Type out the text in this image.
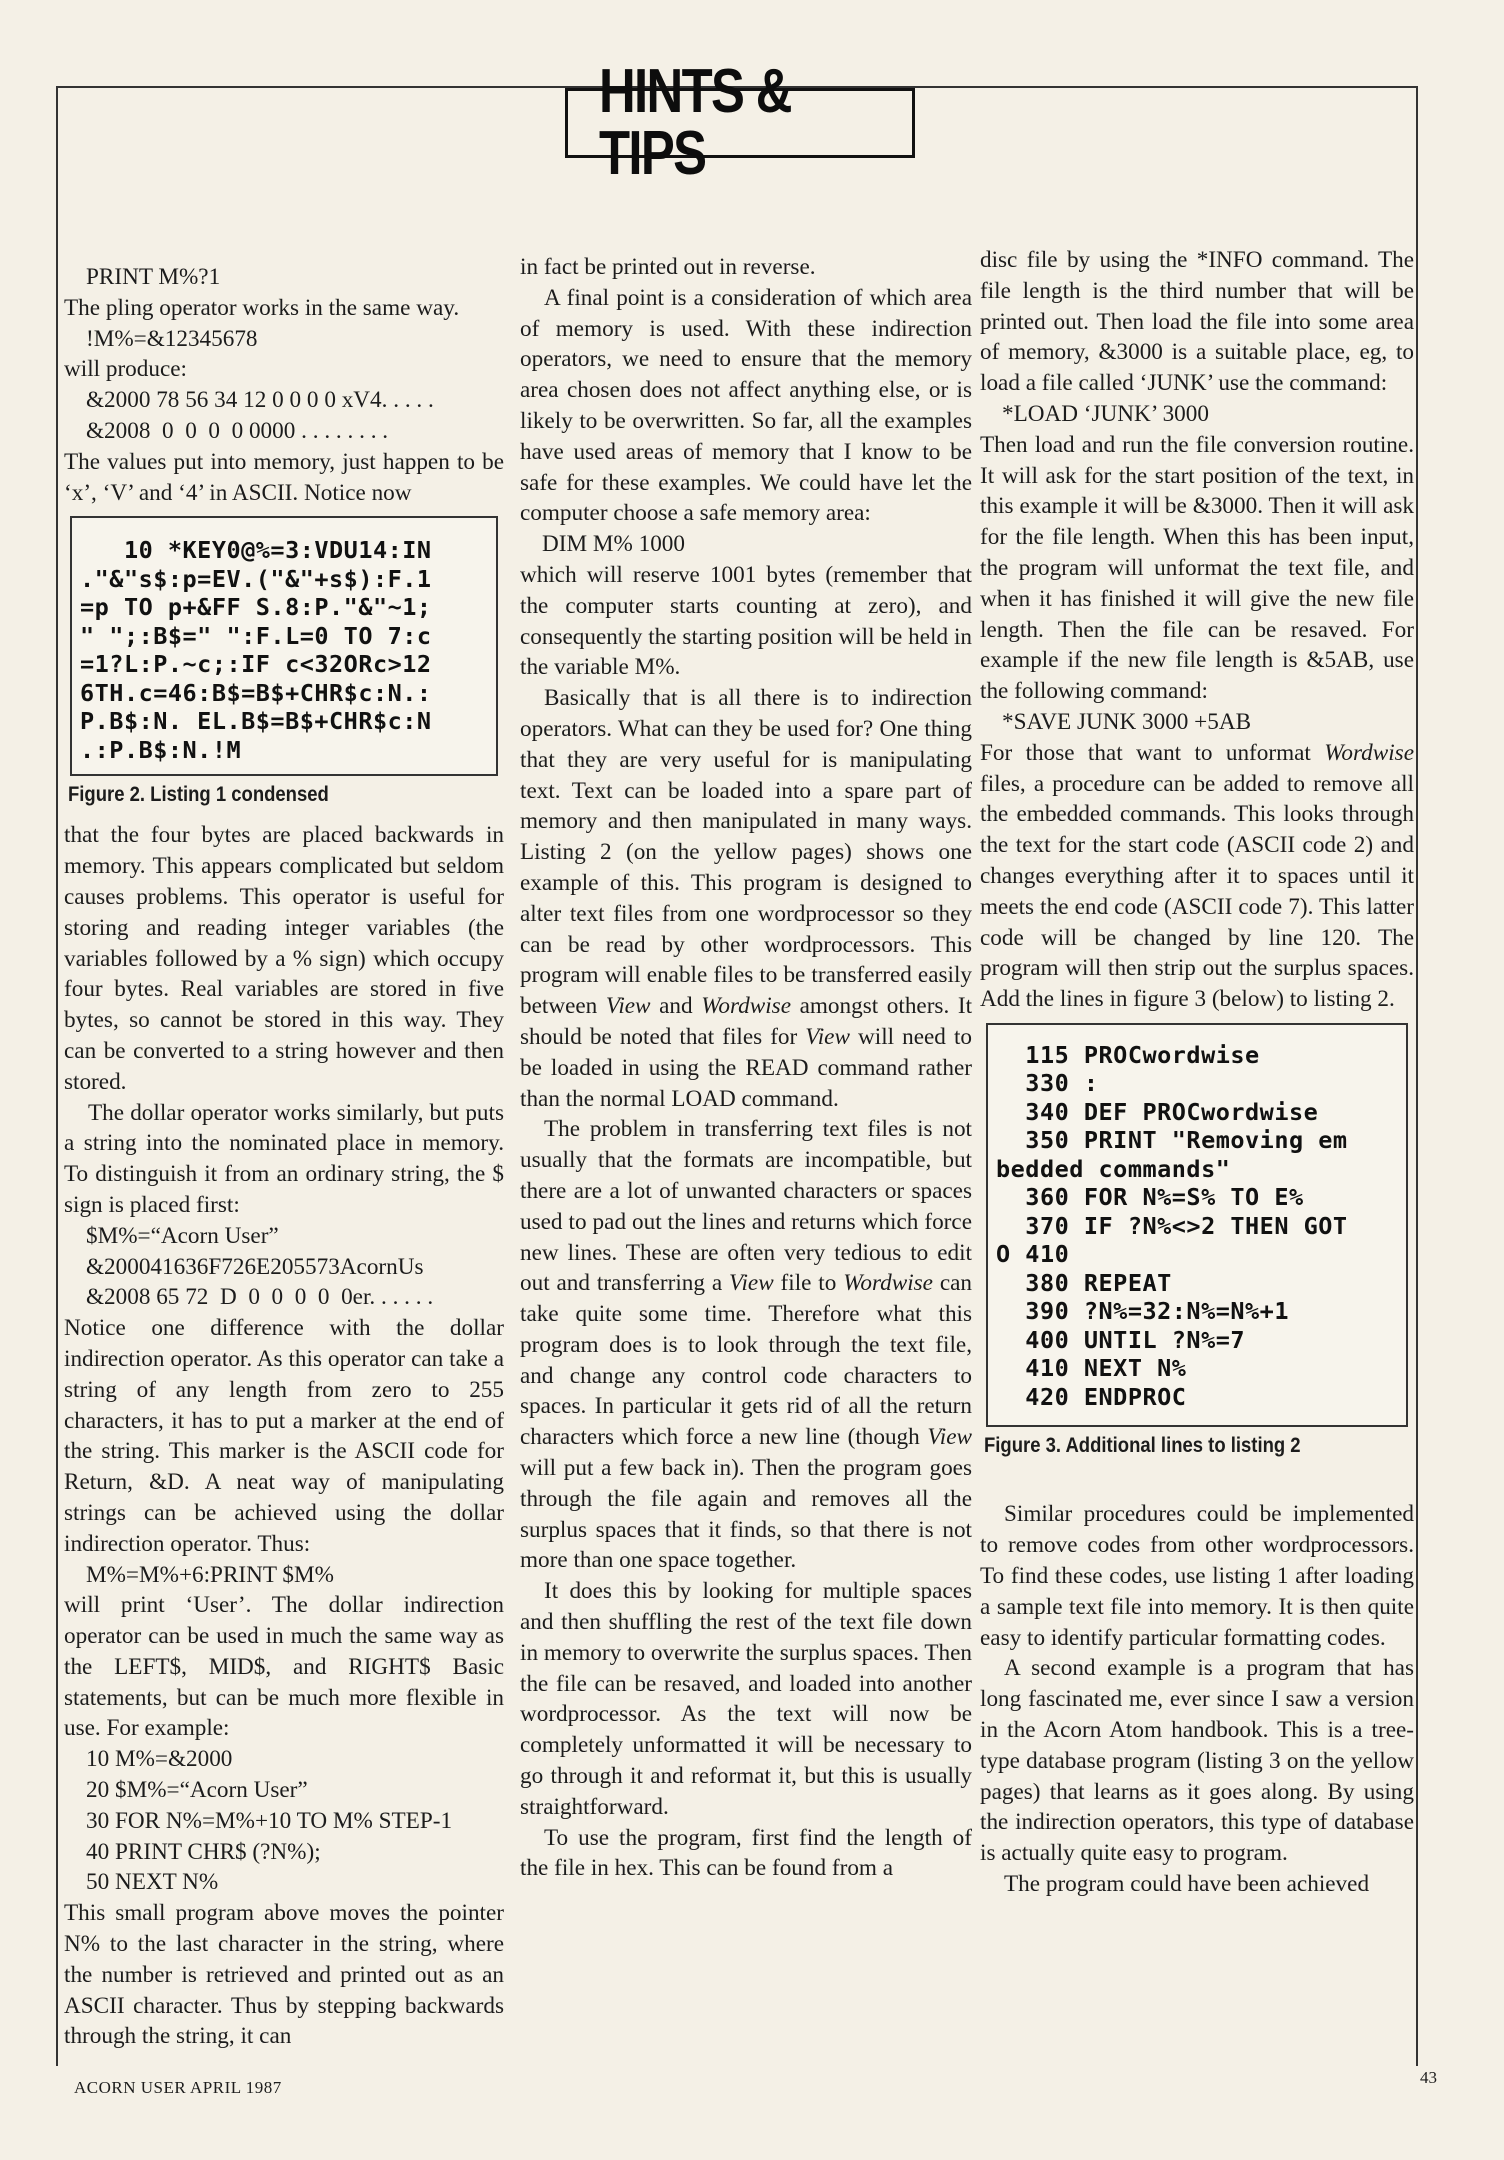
HINTS & TIPS

PRINT M%?1

The pling operator works in the same way.

!M%=&12345678

will produce:

&2000 78 56 34 12 0 0 0 0 xV4. . . . .

&2008  0  0  0  0 0000 . . . . . . . .

The values put into memory, just happen to be ‘x’, ‘V’ and ‘4’ in ASCII. Notice now

10 *KEY0@%=3:VDU14:IN
."&"s$:p=EV.("&"+s$):F.1
=p TO p+&FF S.8:P."&"~1;
" ";:B$=" ":F.L=0 TO 7:c
=1?L:P.~c;:IF c<32ORc>12
6TH.c=46:B$=B$+CHR$c:N.:
P.B$:N. EL.B$=B$+CHR$c:N
.:P.B$:N.!M
Figure 2. Listing 1 condensed

that the four bytes are placed backwards in memory. This appears complicated but seldom causes problems. This operator is useful for storing and reading integer variables (the variables followed by a % sign) which occupy four bytes. Real variables are stored in five bytes, so cannot be stored in this way. They can be converted to a string however and then stored.

The dollar operator works similarly, but puts a string into the nominated place in memory. To distinguish it from an ordinary string, the $ sign is placed first:

$M%=“Acorn User”

&200041636F726E205573AcornUs

&2008 65 72  D  0  0  0  0  0er. . . . . .

Notice one difference with the dollar indirection operator. As this operator can take a string of any length from zero to 255 characters, it has to put a marker at the end of the string. This marker is the ASCII code for Return, &D. A neat way of manipulating strings can be achieved using the dollar indirection operator. Thus:

M%=M%+6:PRINT $M%

will print ‘User’. The dollar indirection operator can be used in much the same way as the LEFT$, MID$, and RIGHT$ Basic statements, but can be much more flexible in use. For example:

10 M%=&2000

20 $M%=“Acorn User”

30 FOR N%=M%+10 TO M% STEP-1

40 PRINT CHR$ (?N%);

50 NEXT N%

This small program above moves the pointer N% to the last character in the string, where the number is retrieved and printed out as an ASCII character. Thus by stepping backwards through the string, it can

in fact be printed out in reverse.

A final point is a consideration of which area of memory is used. With these indirection operators, we need to ensure that the memory area chosen does not affect anything else, or is likely to be overwritten. So far, all the examples have used areas of memory that I know to be safe for these examples. We could have let the computer choose a safe memory area:

DIM M% 1000

which will reserve 1001 bytes (remember that the computer starts counting at zero), and consequently the starting position will be held in the variable M%.

Basically that is all there is to indirection operators. What can they be used for? One thing that they are very useful for is manipulating text. Text can be loaded into a spare part of memory and then manipulated in many ways. Listing 2 (on the yellow pages) shows one example of this. This program is designed to alter text files from one wordprocessor so they can be read by other wordprocessors. This program will enable files to be transferred easily between View and Wordwise amongst others. It should be noted that files for View will need to be loaded in using the READ command rather than the normal LOAD command.

The problem in transferring text files is not usually that the formats are incompatible, but there are a lot of unwanted characters or spaces used to pad out the lines and returns which force new lines. These are often very tedious to edit out and transferring a View file to Wordwise can take quite some time. Therefore what this program does is to look through the text file, and change any control code characters to spaces. In particular it gets rid of all the return characters which force a new line (though View will put a few back in). Then the program goes through the file again and removes all the surplus spaces that it finds, so that there is not more than one space together.

It does this by looking for multiple spaces and then shuffling the rest of the text file down in memory to overwrite the surplus spaces. Then the file can be resaved, and loaded into another wordprocessor. As the text will now be completely unformatted it will be necessary to go through it and reformat it, but this is usually straightforward.

To use the program, first find the length of the file in hex. This can be found from a

disc file by using the *INFO command. The file length is the third number that will be printed out. Then load the file into some area of memory, &3000 is a suitable place, eg, to load a file called ‘JUNK’ use the command:

*LOAD ‘JUNK’ 3000

Then load and run the file conversion routine. It will ask for the start position of the text, in this example it will be &3000. Then it will ask for the file length. When this has been input, the program will unformat the text file, and when it has finished it will give the new file length. Then the file can be resaved. For example if the new file length is &5AB, use the following command:

*SAVE JUNK 3000 +5AB

For those that want to unformat Wordwise files, a procedure can be added to remove all the embedded commands. This looks through the text for the start code (ASCII code 2) and changes everything after it to spaces until it meets the end code (ASCII code 7). This latter code will be changed by line 120. The program will then strip out the surplus spaces. Add the lines in figure 3 (below) to listing 2.

115 PROCwordwise
330 :
340 DEF PROCwordwise
350 PRINT "Removing em
bedded commands"
360 FOR N%=S% TO E%
370 IF ?N%<>2 THEN GOT
O 410
380 REPEAT
390 ?N%=32:N%=N%+1
400 UNTIL ?N%=7
410 NEXT N%
420 ENDPROC
Figure 3. Additional lines to listing 2

Similar procedures could be implemented to remove codes from other wordprocessors. To find these codes, use listing 1 after loading a sample text file into memory. It is then quite easy to identify particular formatting codes.

A second example is a program that has long fascinated me, ever since I saw a version in the Acorn Atom handbook. This is a tree-type database program (listing 3 on the yellow pages) that learns as it goes along. By using the indirection operators, this type of database is actually quite easy to program.

The program could have been achieved

ACORN USER APRIL 1987
43
